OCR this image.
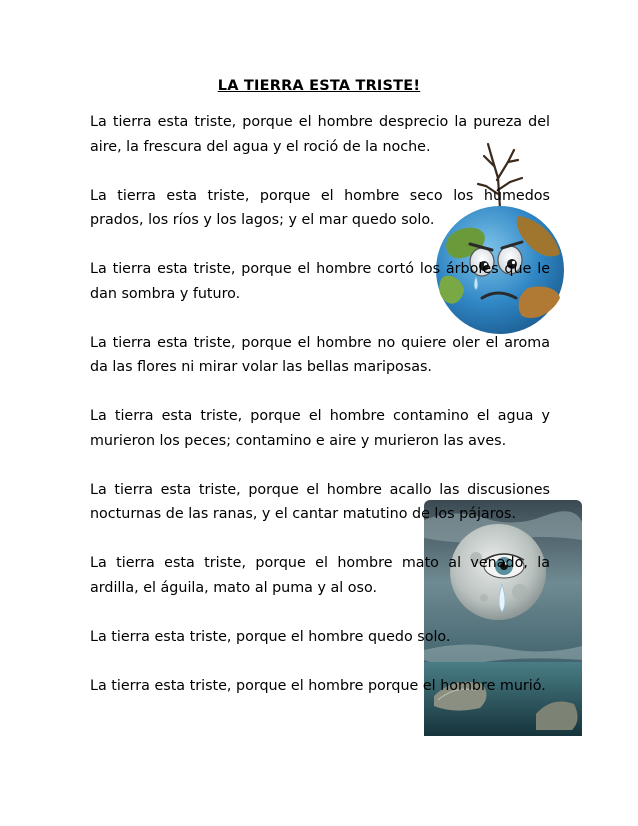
LA TIERRA ESTA TRISTE!

La tierra esta triste, porque el hombre desprecio la pureza del aire, la frescura del agua y el roció de la noche.

La tierra esta triste, porque el hombre seco los húmedos prados, los ríos y los lagos; y el mar quedo solo.

La tierra esta triste, porque el hombre cortó los árboles que le dan sombra y futuro.

La tierra esta triste, porque el hombre no quiere oler el aroma da las flores ni mirar volar las bellas mariposas.

La tierra esta triste, porque el hombre contamino el agua y murieron los peces; contamino e aire y murieron las aves.

La tierra esta triste, porque el hombre acallo las discusiones nocturnas de las ranas, y el cantar matutino de los pájaros.

La tierra esta triste, porque el hombre mato al venado, la ardilla, el águila, mato al puma y al oso.

La tierra esta triste, porque el hombre quedo solo.

La tierra esta triste, porque el hombre porque el hombre murió.
